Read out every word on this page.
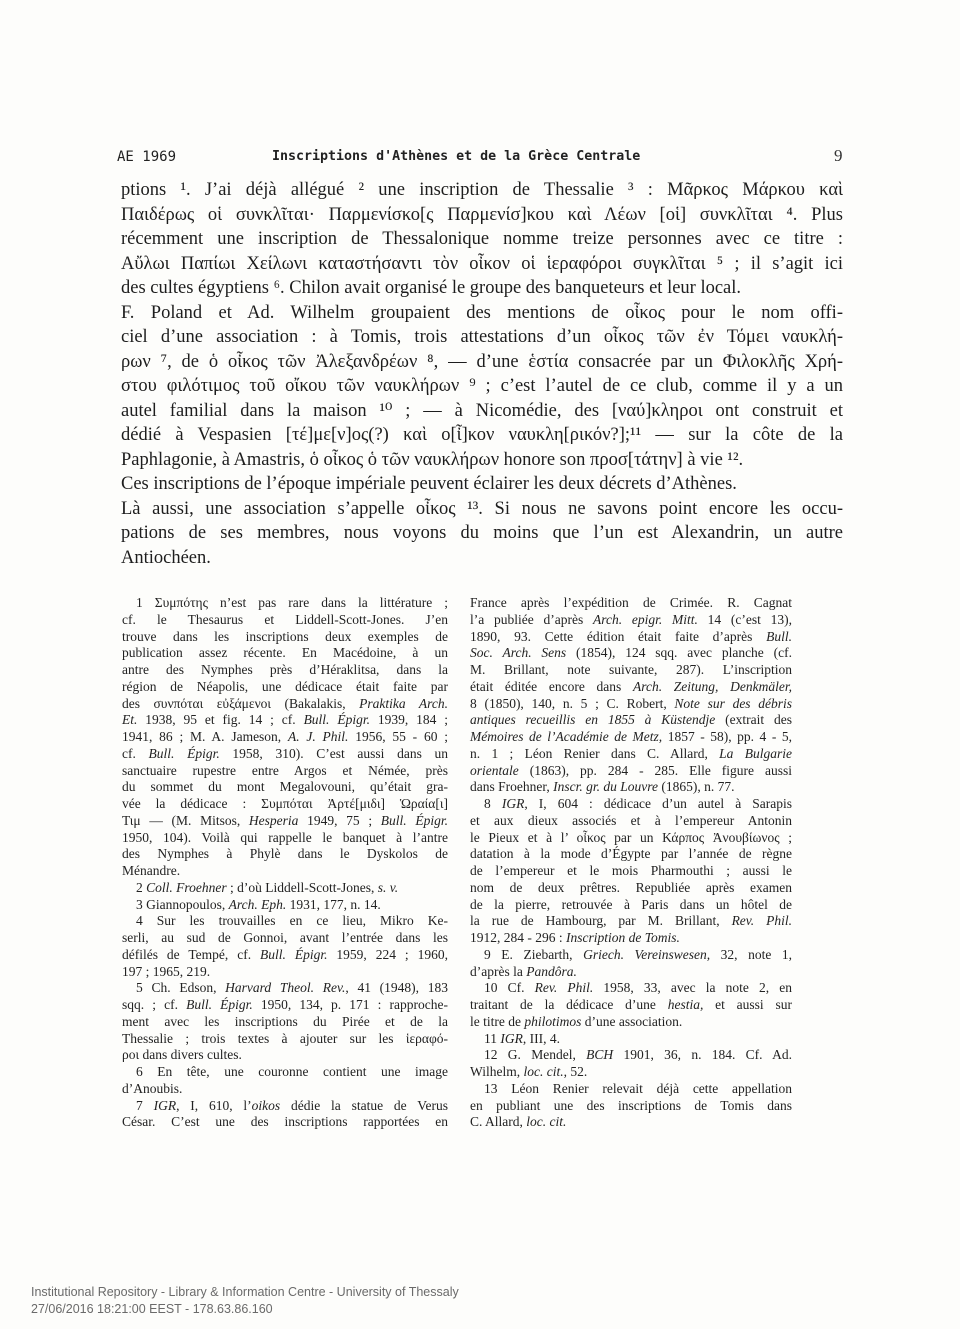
AE 1969	Inscriptions d'Athènes et de la Grèce Centrale	9
ptions ¹. J’ai déjà allégué ² une inscription de Thessalie ³ : Μᾶρκος Μάρκου καὶ
Παιδέρως οἱ συνκλῖται· Παρμενίσκο[ς Παρμενίσ]κου καὶ Λέων [οἱ] συνκλῖται ⁴. Plus
récemment une inscription de Thessalonique nomme treize personnes avec ce titre :
Αὔλωι Παπίωι Χείλωνι καταστήσαντι τὸν οἶκον οἱ ἱεραφόροι συγκλῖται ⁵ ; il s’agit ici
des cultes égyptiens ⁶. Chilon avait organisé le groupe des banqueteurs et leur local.
F. Poland et Ad. Wilhelm groupaient des mentions de οἶκος pour le nom offi-
ciel d’une association : à Tomis, trois attestations d’un οἶκος τῶν ἐν Τόμει ναυκλή-
ρων ⁷, de ὁ οἶκος τῶν Ἀλεξανδρέων ⁸, — d’une ἑστία consacrée par un Φιλοκλῆς Χρή-
στου φιλότιμος τοῦ οἴκου τῶν ναυκλήρων ⁹ ; c’est l’autel de ce club, comme il y a un
autel familial dans la maison ¹⁰ ; — à Nicomédie, des [ναύ]κληροι ont construit et
dédié à Vespasien [τέ]με[ν]ος(?) καὶ ο[ἶ]κον ναυκλη[ρικόν?];¹¹ — sur la côte de la
Paphlagonie, à Amastris, ὁ οἶκος ὁ τῶν ναυκλήρων honore son προσ[τάτην] à vie ¹².
Ces inscriptions de l’époque impériale peuvent éclairer les deux décrets d’Athènes.
Là aussi, une association s’appelle οἶκος ¹³. Si nous ne savons point encore les occu-
pations de ses membres, nous voyons du moins que l’un est Alexandrin, un autre
Antiochéen.
1 Συμπότης n’est pas rare dans la littérature ;
cf. le Thesaurus et Liddell-Scott-Jones. J’en
trouve dans les inscriptions deux exemples de
publication assez récente. En Macédoine, à un
antre des Nymphes près d’Héraklitsa, dans la
région de Néapolis, une dédicace était faite par
des συνπόται εὐξάμενοι (Bakalakis, Praktika Arch.
Et. 1938, 95 et fig. 14 ; cf. Bull. Épigr. 1939, 184 ;
1941, 86 ; M. A. Jameson, A. J. Phil. 1956, 55 - 60 ;
cf. Bull. Épigr. 1958, 310). C’est aussi dans un
sanctuaire rupestre entre Argos et Némée, près
du sommet du mont Megalovouni, qu’était gra-
vée la dédicace : Συμπόται Ἀρτέ[μιδι] Ὡραία[ι]
Τιμ — (M. Mitsos, Hesperia 1949, 75 ; Bull. Épigr.
1950, 104). Voilà qui rappelle le banquet à l’antre
des Nymphes à Phylè dans le Dyskolos de
Ménandre.
2 Coll. Froehner ; d’où Liddell-Scott-Jones, s. v.
3 Giannopoulos, Arch. Eph. 1931, 177, n. 14.
4 Sur les trouvailles en ce lieu, Mikro Ke-
serli, au sud de Gonnoi, avant l’entrée dans les
défilés de Tempé, cf. Bull. Épigr. 1959, 224 ; 1960,
197 ; 1965, 219.
5 Ch. Edson, Harvard Theol. Rev., 41 (1948), 183
sqq. ; cf. Bull. Épigr. 1950, 134, p. 171 : rapproche-
ment avec les inscriptions du Pirée et de la
Thessalie ; trois textes à ajouter sur les ἱεραφό-
ροι dans divers cultes.
6 En tête, une couronne contient une image
d’Anoubis.
7 IGR, I, 610, l’oikos dédie la statue de Verus
César. C’est une des inscriptions rapportées en
France après l’expédition de Crimée. R. Cagnat
l’a publiée d’après Arch. epigr. Mitt. 14 (c’est 13),
1890, 93. Cette édition était faite d’après Bull.
Soc. Arch. Sens (1854), 124 sqq. avec planche (cf.
M. Brillant, note suivante, 287). L’inscription
était éditée encore dans Arch. Zeitung, Denkmäler,
8 (1850), 140, n. 5 ; C. Robert, Note sur des débris
antiques recueillis en 1855 à Küstendje (extrait des
Mémoires de l’Académie de Metz, 1857 - 58), pp. 4 - 5,
n. 1 ; Léon Renier dans C. Allard, La Bulgarie
orientale (1863), pp. 284 - 285. Elle figure aussi
dans Froehner, Inscr. gr. du Louvre (1865), n. 77.
8 IGR, I, 604 : dédicace d’un autel à Sarapis
et aux dieux associés et à l’empereur Antonin
le Pieux et à l’ οἶκος par un Κάρπος Ἀνουβίωνος ;
datation à la mode d’Égypte par l’année de règne
de l’empereur et le mois Pharmouthi ; aussi le
nom de deux prêtres. Republiée après examen
de la pierre, retrouvée à Paris dans un hôtel de
la rue de Hambourg, par M. Brillant, Rev. Phil.
1912, 284 - 296 : Inscription de Tomis.
9 E. Ziebarth, Griech. Vereinswesen, 32, note 1,
d’après la Pandôra.
10 Cf. Rev. Phil. 1958, 33, avec la note 2, en
traitant de la dédicace d’une hestia, et aussi sur
le titre de philotimos d’une association.
11 IGR, III, 4.
12 G. Mendel, BCH 1901, 36, n. 184. Cf. Ad.
Wilhelm, loc. cit., 52.
13 Léon Renier relevait déjà cette appellation
en publiant une des inscriptions de Tomis dans
C. Allard, loc. cit.
Institutional Repository - Library & Information Centre - University of Thessaly
27/06/2016 18:21:00 EEST - 178.63.86.160
